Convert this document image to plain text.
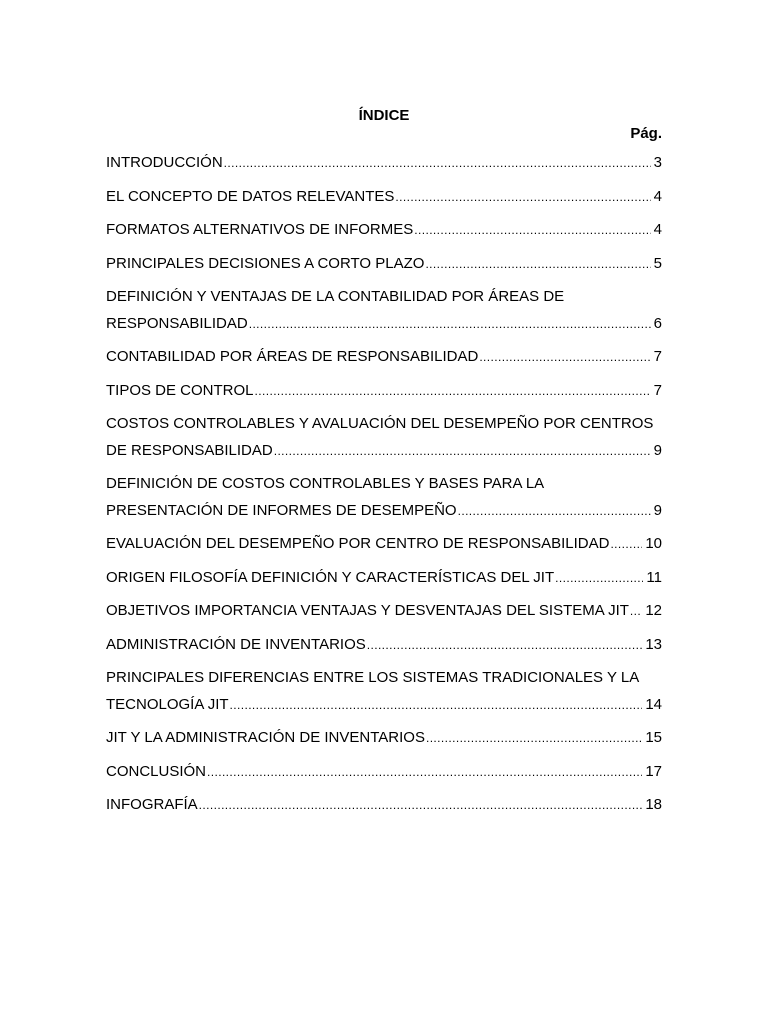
ÍNDICE
Pág.
INTRODUCCIÓN .....	3
EL CONCEPTO DE DATOS RELEVANTES .....	4
FORMATOS ALTERNATIVOS DE INFORMES .....	4
PRINCIPALES DECISIONES A CORTO PLAZO .....	5
DEFINICIÓN Y VENTAJAS DE LA CONTABILIDAD POR ÁREAS DE
RESPONSABILIDAD .....	6
CONTABILIDAD POR ÁREAS DE RESPONSABILIDAD .....	7
TIPOS DE CONTROL .....	7
COSTOS CONTROLABLES Y AVALUACIÓN DEL DESEMPEÑO POR CENTROS
DE RESPONSABILIDAD .....	9
DEFINICIÓN DE COSTOS CONTROLABLES Y BASES PARA LA
PRESENTACIÓN DE INFORMES DE DESEMPEÑO .....	9
EVALUACIÓN DEL DESEMPEÑO POR CENTRO DE RESPONSABILIDAD ..... 10
ORIGEN FILOSOFÍA DEFINICIÓN Y CARACTERÍSTICAS DEL JIT .....	11
OBJETIVOS IMPORTANCIA VENTAJAS Y DESVENTAJAS DEL SISTEMA JIT ..... 12
ADMINISTRACIÓN DE INVENTARIOS .....	13
PRINCIPALES DIFERENCIAS ENTRE LOS SISTEMAS TRADICIONALES Y LA
TECNOLOGÍA JIT .....	14
JIT Y LA ADMINISTRACIÓN DE INVENTARIOS .....	15
CONCLUSIÓN .....	17
INFOGRAFÍA .....	18
